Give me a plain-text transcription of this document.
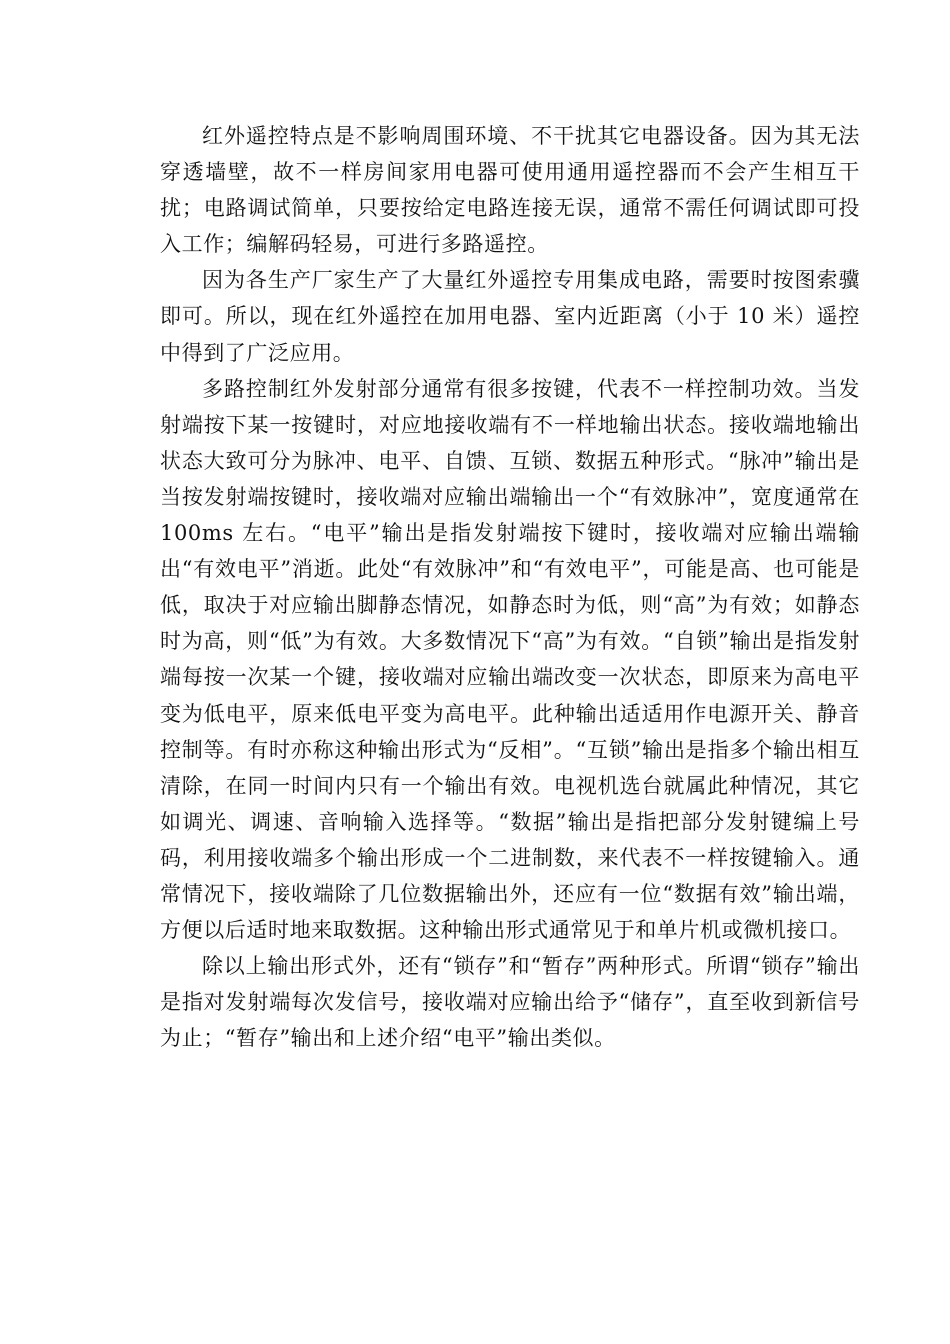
红外遥控特点是不影响周围环境、不干扰其它电器设备。因为其无法穿透墙壁，故不一样房间家用电器可使用通用遥控器而不会产生相互干扰；电路调试简单，只要按给定电路连接无误，通常不需任何调试即可投入工作；编解码轻易，可进行多路遥控。

因为各生产厂家生产了大量红外遥控专用集成电路，需要时按图索骥即可。所以，现在红外遥控在加用电器、室内近距离（小于 10 米）遥控中得到了广泛应用。

多路控制红外发射部分通常有很多按键，代表不一样控制功效。当发射端按下某一按键时，对应地接收端有不一样地输出状态。接收端地输出状态大致可分为脉冲、电平、自馈、互锁、数据五种形式。“脉冲”输出是当按发射端按键时，接收端对应输出端输出一个“有效脉冲”，宽度通常在 100ms 左右。“电平”输出是指发射端按下键时，接收端对应输出端输出“有效电平”消逝。此处“有效脉冲”和“有效电平”，可能是高、也可能是低，取决于对应输出脚静态情况，如静态时为低，则“高”为有效；如静态时为高，则“低”为有效。大多数情况下“高”为有效。“自锁”输出是指发射端每按一次某一个键，接收端对应输出端改变一次状态，即原来为高电平变为低电平，原来低电平变为高电平。此种输出适适用作电源开关、静音控制等。有时亦称这种输出形式为“反相”。“互锁”输出是指多个输出相互清除，在同一时间内只有一个输出有效。电视机选台就属此种情况，其它如调光、调速、音响输入选择等。“数据”输出是指把部分发射键编上号码，利用接收端多个输出形成一个二进制数，来代表不一样按键输入。通常情况下，接收端除了几位数据输出外，还应有一位“数据有效”输出端，方便以后适时地来取数据。这种输出形式通常见于和单片机或微机接口。

除以上输出形式外，还有“锁存”和“暂存”两种形式。所谓“锁存”输出是指对发射端每次发信号，接收端对应输出给予“储存”，直至收到新信号为止；“暂存”输出和上述介绍“电平”输出类似。
